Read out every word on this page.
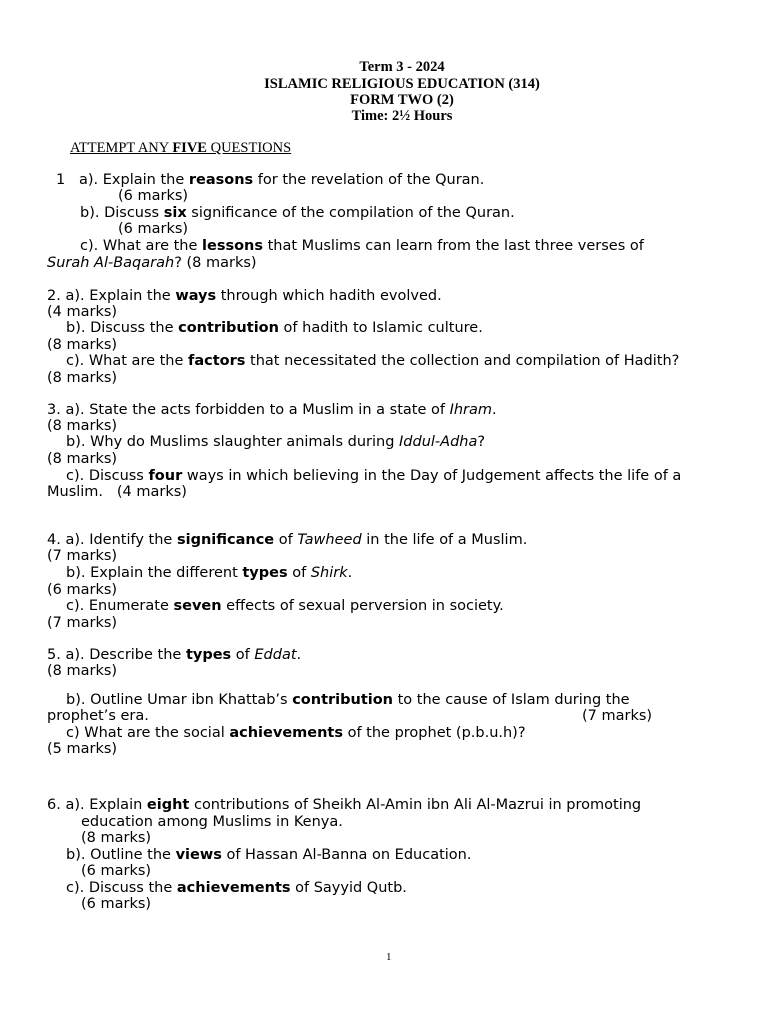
Term 3 - 2024
ISLAMIC RELIGIOUS EDUCATION (314)
FORM TWO (2)
Time: 2½ Hours
ATTEMPT ANY FIVE QUESTIONS
1 a). Explain the reasons for the revelation of the Quran.
(6 marks)
b). Discuss six significance of the compilation of the Quran.
(6 marks)
c). What are the lessons that Muslims can learn from the last three verses of
Surah Al-Baqarah? (8 marks)
2. a). Explain the ways through which hadith evolved.
(4 marks)
b). Discuss the contribution of hadith to Islamic culture.
(8 marks)
c). What are the factors that necessitated the collection and compilation of Hadith?
(8 marks)
3. a). State the acts forbidden to a Muslim in a state of Ihram.
(8 marks)
b). Why do Muslims slaughter animals during Iddul-Adha?
(8 marks)
c). Discuss four ways in which believing in the Day of Judgement affects the life of a
Muslim.   (4 marks)
4. a). Identify the significance of Tawheed in the life of a Muslim.
(7 marks)
b). Explain the different types of Shirk.
(6 marks)
c). Enumerate seven effects of sexual perversion in society.
(7 marks)
5. a). Describe the types of Eddat.
(8 marks)
b). Outline Umar ibn Khattab’s contribution to the cause of Islam during the
prophet’s era.	(7 marks)
c) What are the social achievements of the prophet (p.b.u.h)?
(5 marks)
6. a). Explain eight contributions of Sheikh Al-Amin ibn Ali Al-Mazrui in promoting
education among Muslims in Kenya.
(8 marks)
b). Outline the views of Hassan Al-Banna on Education.
(6 marks)
c). Discuss the achievements of Sayyid Qutb.
(6 marks)
1
